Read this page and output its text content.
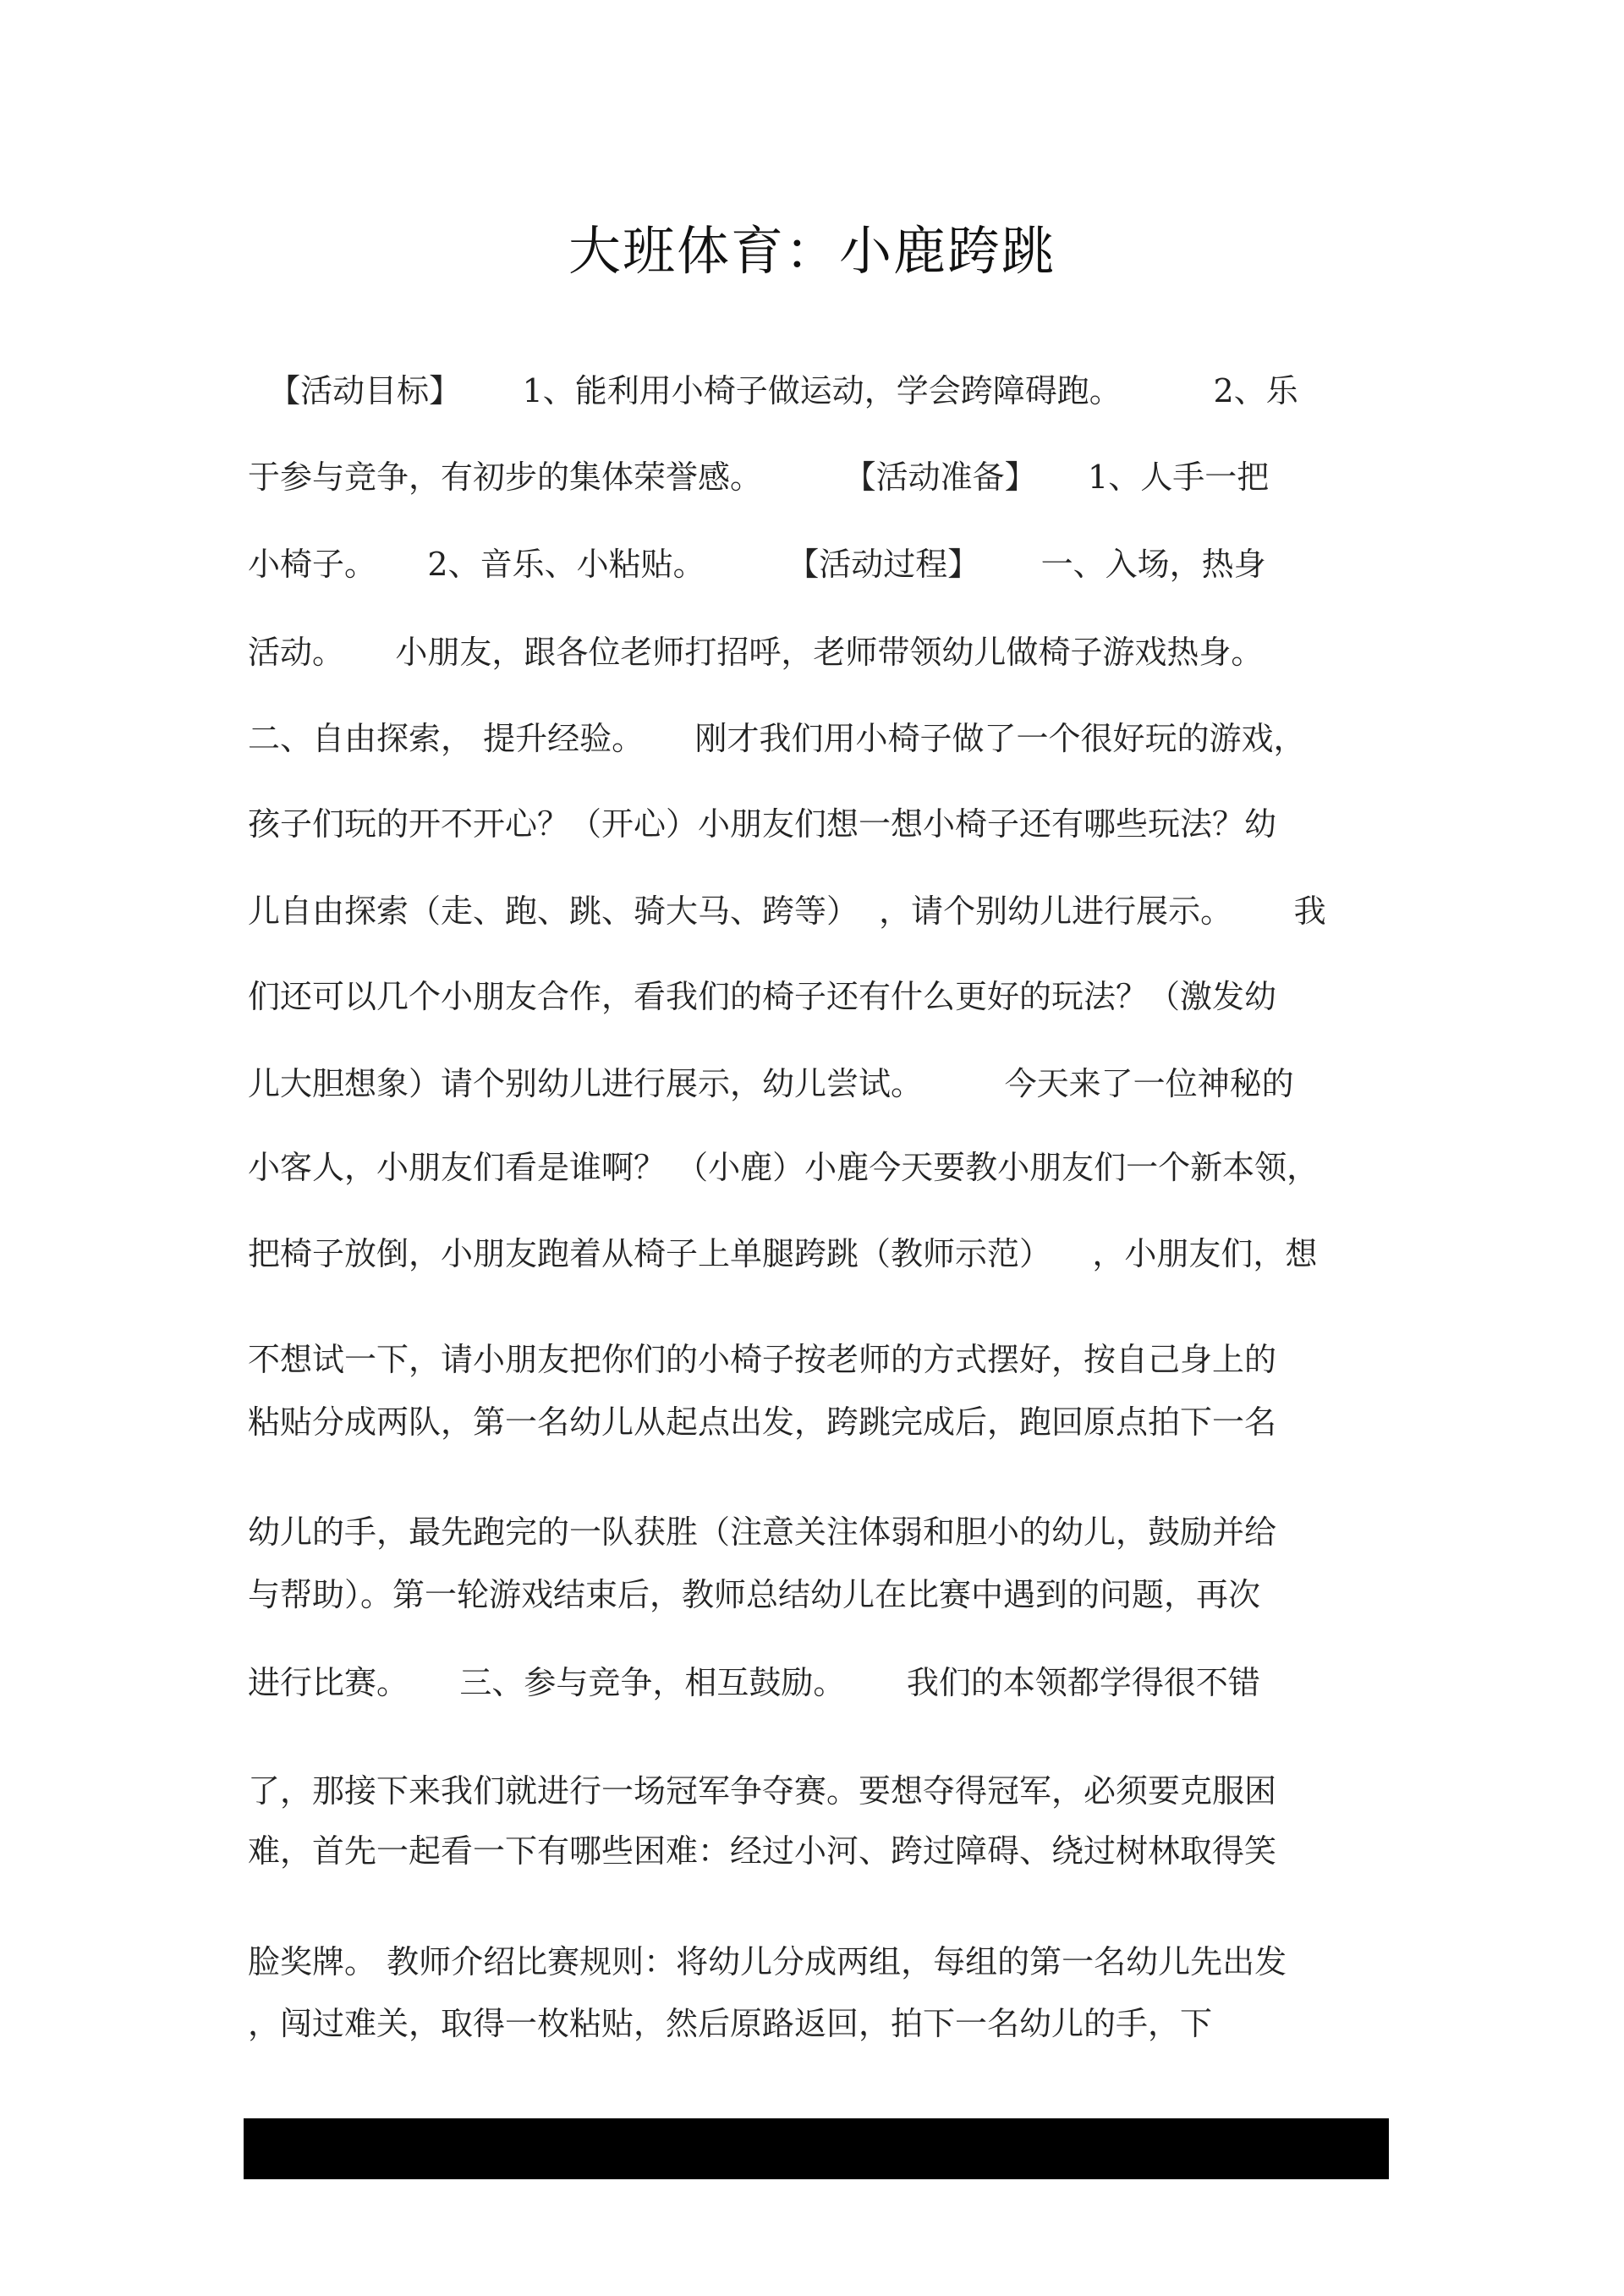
大班体育：小鹿跨跳
【活动目标】      1、能利用小椅子做运动，学会跨障碍跑。         2、乐
于参与竞争，有初步的集体荣誉感。        【活动准备】     1、人手一把
小椅子。     2、音乐、小粘贴。        【活动过程】      一、入场，热身
活动。     小朋友，跟各位老师打招呼，老师带领幼儿做椅子游戏热身。
二、自由探索， 提升经验。     刚才我们用小椅子做了一个很好玩的游戏，
孩子们玩的开不开心？（开心）小朋友们想一想小椅子还有哪些玩法？幼
儿自由探索（走、跑、跳、骑大马、跨等）  ，请个别幼儿进行展示。      我
们还可以几个小朋友合作，看我们的椅子还有什么更好的玩法？（激发幼
儿大胆想象）请个别幼儿进行展示，幼儿尝试。        今天来了一位神秘的
小客人，小朋友们看是谁啊？ （小鹿）小鹿今天要教小朋友们一个新本领，
把椅子放倒，小朋友跑着从椅子上单腿跨跳（教师示范）    ，小朋友们，想
不想试一下，请小朋友把你们的小椅子按老师的方式摆好，按自己身上的
粘贴分成两队，第一名幼儿从起点出发，跨跳完成后，跑回原点拍下一名
幼儿的手，最先跑完的一队获胜（注意关注体弱和胆小的幼儿，鼓励并给
与帮助）。第一轮游戏结束后，教师总结幼儿在比赛中遇到的问题，再次
进行比赛。     三、参与竞争，相互鼓励。      我们的本领都学得很不错
了，那接下来我们就进行一场冠军争夺赛。要想夺得冠军，必须要克服困
难，首先一起看一下有哪些困难：经过小河、跨过障碍、绕过树林取得笑
脸奖牌。 教师介绍比赛规则：将幼儿分成两组，每组的第一名幼儿先出发
，闯过难关，取得一枚粘贴，然后原路返回，拍下一名幼儿的手，下
